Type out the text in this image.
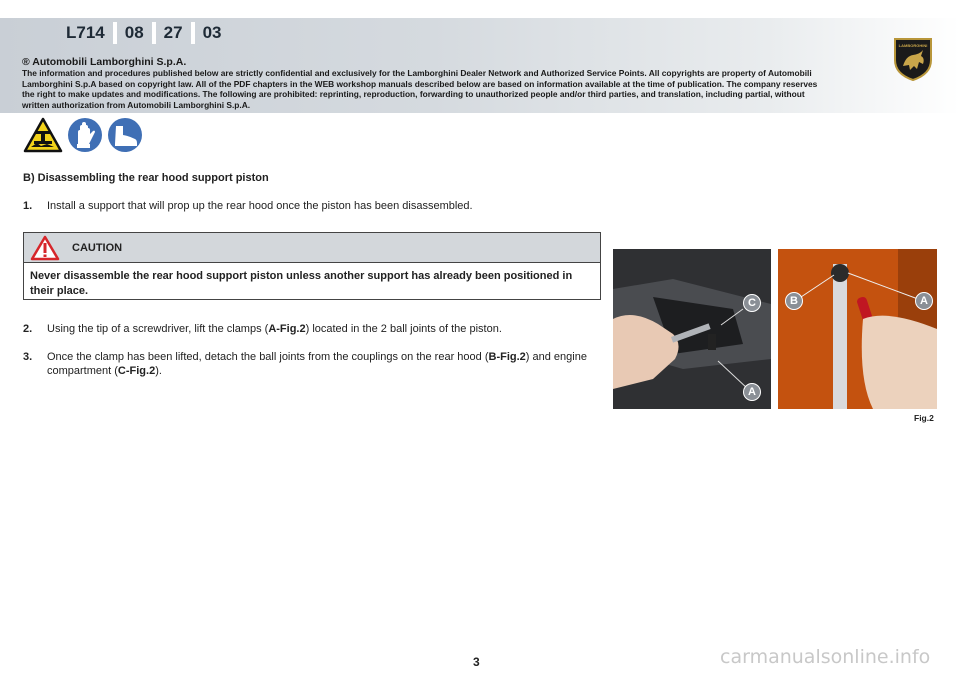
L714	08	27	03
LAMBORGHINI
® Automobili Lamborghini S.p.A.
The information and procedures published below are strictly confidential and exclusively for the Lamborghini Dealer Network and Authorized Service Points. All copyrights are property of Automobili Lamborghini S.p.A based on copyright law. All of the PDF chapters in the WEB workshop manuals described below are based on information available at the time of publication. The company reserves the right to make updates and modifications. The following are prohibited: reprinting, reproduction, forwarding to unauthorized people and/or third parties, and translation, including partial, without written authorization from Automobili Lamborghini S.p.A.
B) Disassembling the rear hood support piston
1.	Install a support that will prop up the rear hood once the piston has been disassembled.
CAUTION
Never disassemble the rear hood support piston unless another support has already been positioned in their place.
2.	Using the tip of a screwdriver, lift the clamps (A-Fig.2) located in the 2 ball joints of the piston.
3.	Once the clamp has been lifted, detach the ball joints from the couplings on the rear hood (B-Fig.2) and engine compartment (C-Fig.2).
C
A
B	A
Fig.2
3	carmanualsonline.info
